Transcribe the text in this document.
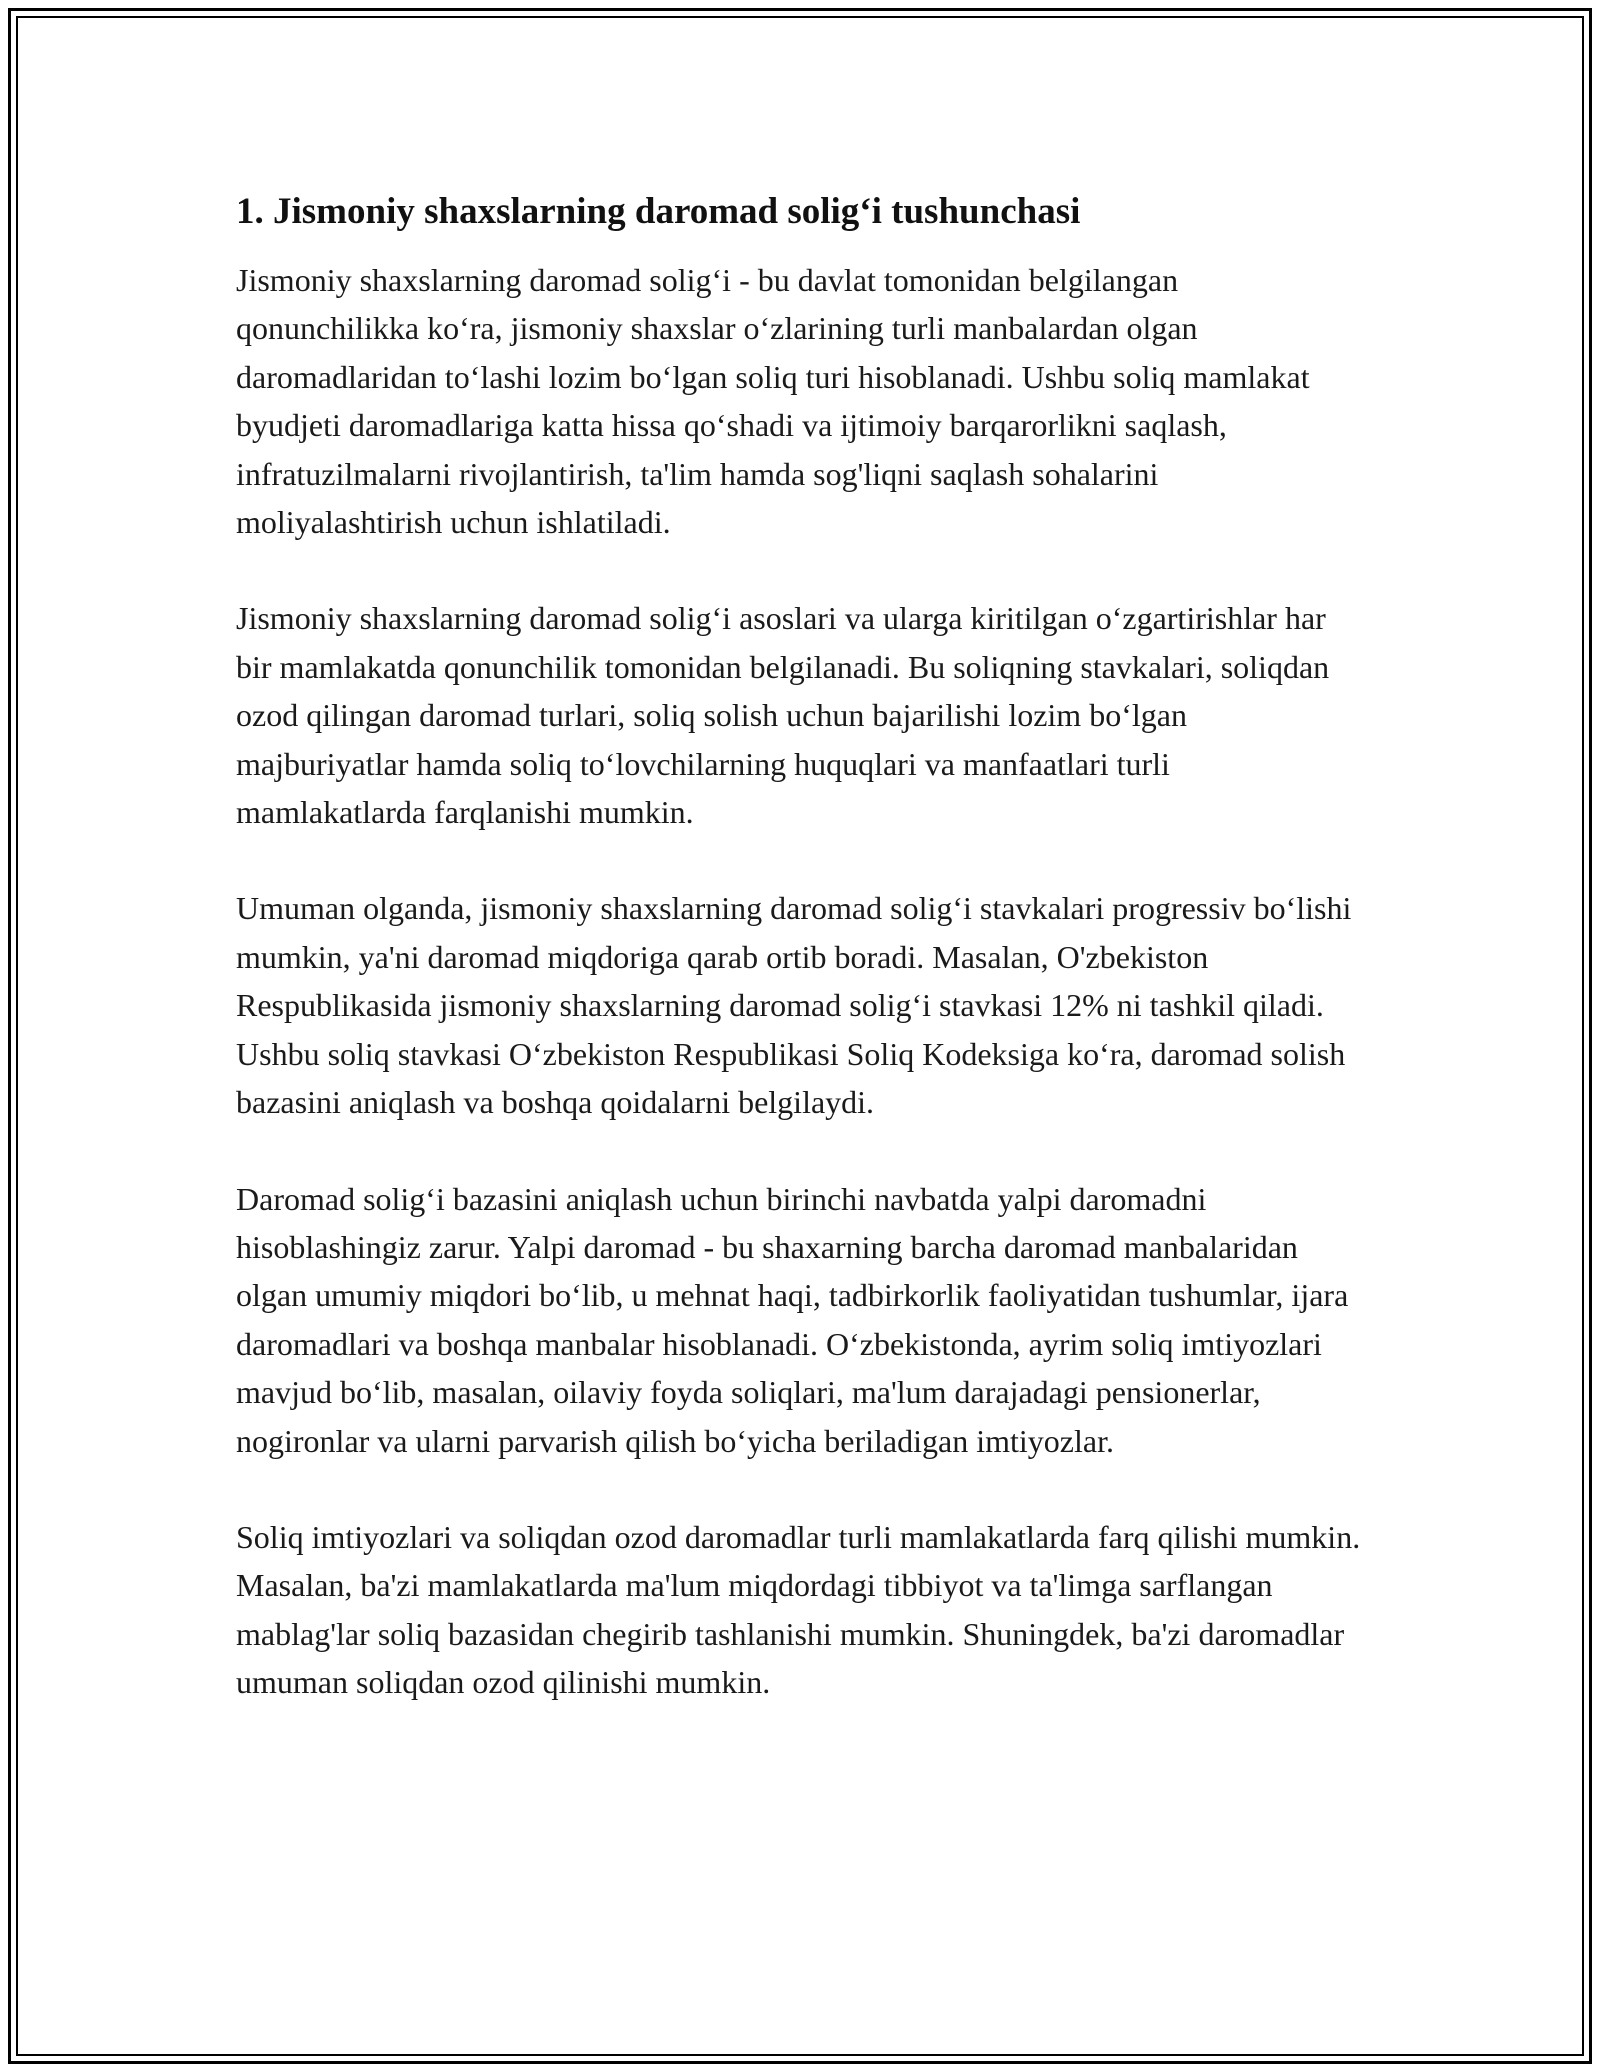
1. Jismoniy shaxslarning daromad solig‘i tushunchasi

Jismoniy shaxslarning daromad solig‘i - bu davlat tomonidan belgilangan qonunchilikka ko‘ra, jismoniy shaxslar o‘zlarining turli manbalardan olgan daromadlaridan to‘lashi lozim bo‘lgan soliq turi hisoblanadi. Ushbu soliq mamlakat byudjeti daromadlariga katta hissa qo‘shadi va ijtimoiy barqarorlikni saqlash, infratuzilmalarni rivojlantirish, ta'lim hamda sog'liqni saqlash sohalarini moliyalashtirish uchun ishlatiladi.

Jismoniy shaxslarning daromad solig‘i asoslari va ularga kiritilgan o‘zgartirishlar har bir mamlakatda qonunchilik tomonidan belgilanadi. Bu soliqning stavkalari, soliqdan ozod qilingan daromad turlari, soliq solish uchun bajarilishi lozim bo‘lgan majburiyatlar hamda soliq to‘lovchilarning huquqlari va manfaatlari turli mamlakatlarda farqlanishi mumkin.

Umuman olganda, jismoniy shaxslarning daromad solig‘i stavkalari progressiv bo‘lishi mumkin, ya'ni daromad miqdoriga qarab ortib boradi. Masalan, O'zbekiston Respublikasida jismoniy shaxslarning daromad solig‘i stavkasi 12% ni tashkil qiladi. Ushbu soliq stavkasi O‘zbekiston Respublikasi Soliq Kodeksiga ko‘ra, daromad solish bazasini aniqlash va boshqa qoidalarni belgilaydi.

Daromad solig‘i bazasini aniqlash uchun birinchi navbatda yalpi daromadni hisoblashingiz zarur. Yalpi daromad - bu shaxarning barcha daromad manbalaridan olgan umumiy miqdori bo‘lib, u mehnat haqi, tadbirkorlik faoliyatidan tushumlar, ijara daromadlari va boshqa manbalar hisoblanadi. O‘zbekistonda, ayrim soliq imtiyozlari mavjud bo‘lib, masalan, oilaviy foyda soliqlari, ma'lum darajadagi pensionerlar, nogironlar va ularni parvarish qilish bo‘yicha beriladigan imtiyozlar.

Soliq imtiyozlari va soliqdan ozod daromadlar turli mamlakatlarda farq qilishi mumkin. Masalan, ba'zi mamlakatlarda ma'lum miqdordagi tibbiyot va ta'limga sarflangan mablag'lar soliq bazasidan chegirib tashlanishi mumkin. Shuningdek, ba'zi daromadlar umuman soliqdan ozod qilinishi mumkin.
